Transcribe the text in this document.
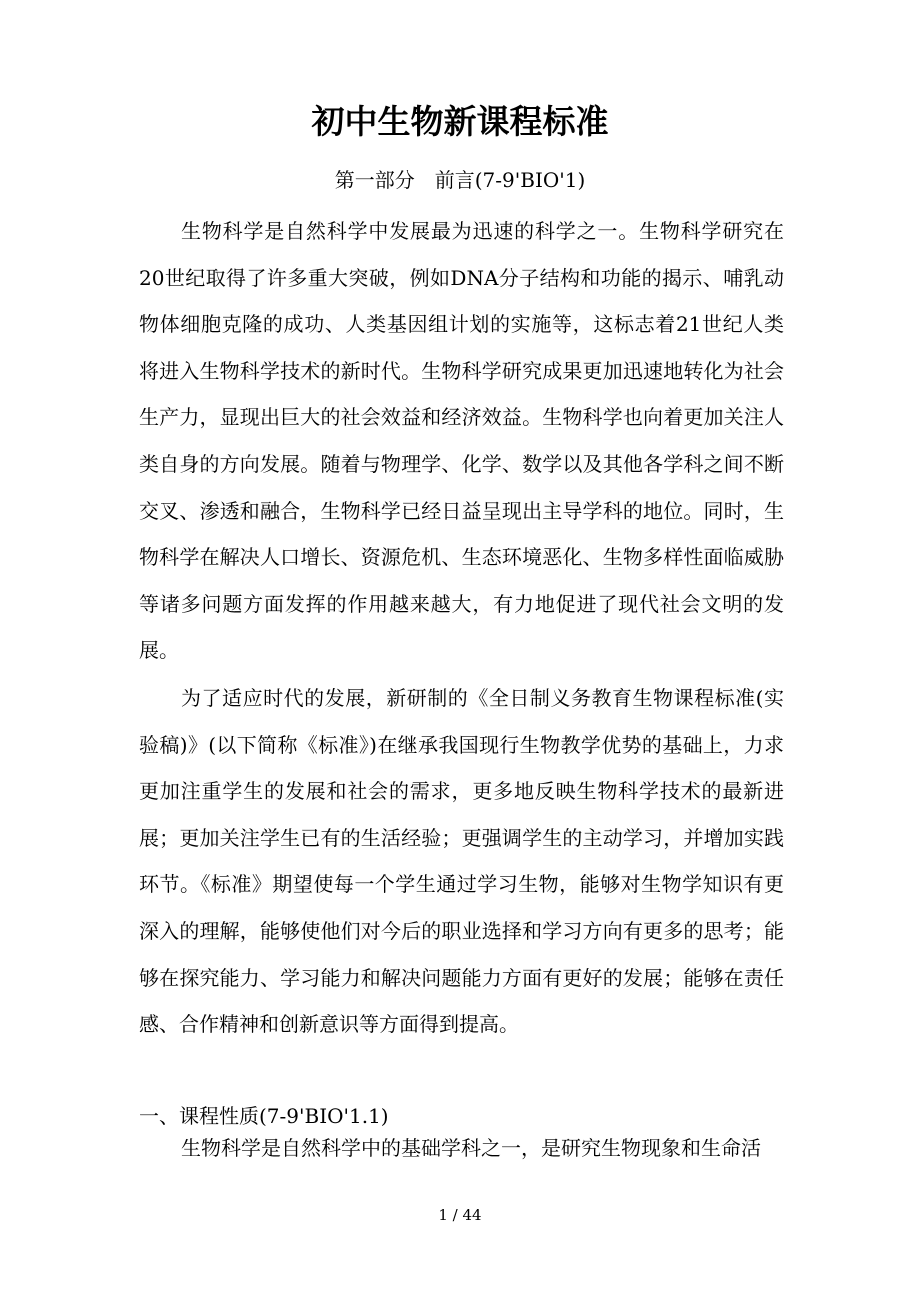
初中生物新课程标准
第一部分　前言(7-9'BIO'1)

生物科学是自然科学中发展最为迅速的科学之一。生物科学研究在20世纪取得了许多重大突破，例如DNA分子结构和功能的揭示、哺乳动物体细胞克隆的成功、人类基因组计划的实施等，这标志着21世纪人类将进入生物科学技术的新时代。生物科学研究成果更加迅速地转化为社会生产力，显现出巨大的社会效益和经济效益。生物科学也向着更加关注人类自身的方向发展。随着与物理学、化学、数学以及其他各学科之间不断交叉、渗透和融合，生物科学已经日益呈现出主导学科的地位。同时，生物科学在解决人口增长、资源危机、生态环境恶化、生物多样性面临威胁等诸多问题方面发挥的作用越来越大，有力地促进了现代社会文明的发展。

为了适应时代的发展，新研制的《全日制义务教育生物课程标准(实验稿)》(以下简称《标准》)在继承我国现行生物教学优势的基础上，力求更加注重学生的发展和社会的需求，更多地反映生物科学技术的最新进展；更加关注学生已有的生活经验；更强调学生的主动学习，并增加实践环节。《标准》期望使每一个学生通过学习生物，能够对生物学知识有更深入的理解，能够使他们对今后的职业选择和学习方向有更多的思考；能够在探究能力、学习能力和解决问题能力方面有更好的发展；能够在责任感、合作精神和创新意识等方面得到提高。

一、课程性质(7-9'BIO'1.1)

生物科学是自然科学中的基础学科之一，是研究生物现象和生命活

1 / 44
